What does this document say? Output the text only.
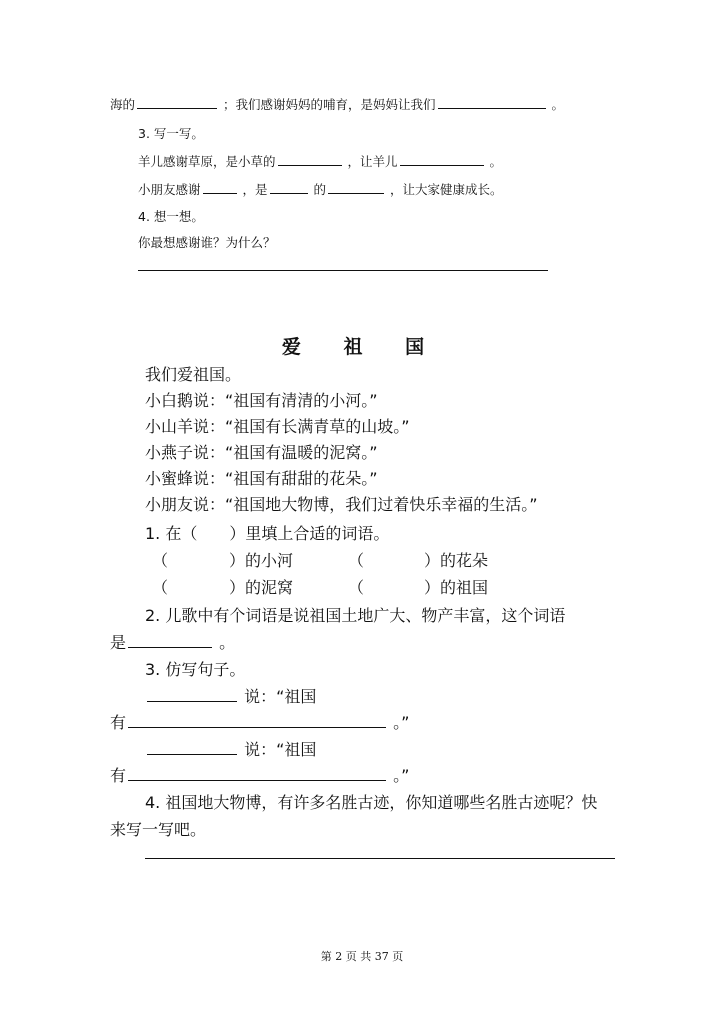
海的	；我们感谢妈妈的哺育，是妈妈让我们	。
3. 写一写。
羊儿感谢草原，是小草的	，让羊儿	。
小朋友感谢	，是	的	，让大家健康成长。
4. 想一想。
你最想感谢谁？为什么？
爱 祖 国
我们爱祖国。
小白鹅说：“祖国有清清的小河。”
小山羊说：“祖国有长满青草的山坡。”
小燕子说：“祖国有温暖的泥窝。”
小蜜蜂说：“祖国有甜甜的花朵。”
小朋友说：“祖国地大物博，我们过着快乐幸福的生活。”
1. 在（　　）里填上合适的词语。
（	）的小河	（	）的花朵
（	）的泥窝	（	）的祖国
2. 儿歌中有个词语是说祖国土地广大、物产丰富，这个词语
是	。
3. 仿写句子。
说：“祖国
有	。”
说：“祖国
有	。”
4. 祖国地大物博，有许多名胜古迹，你知道哪些名胜古迹呢？快
来写一写吧。
第 2 页 共 37 页
